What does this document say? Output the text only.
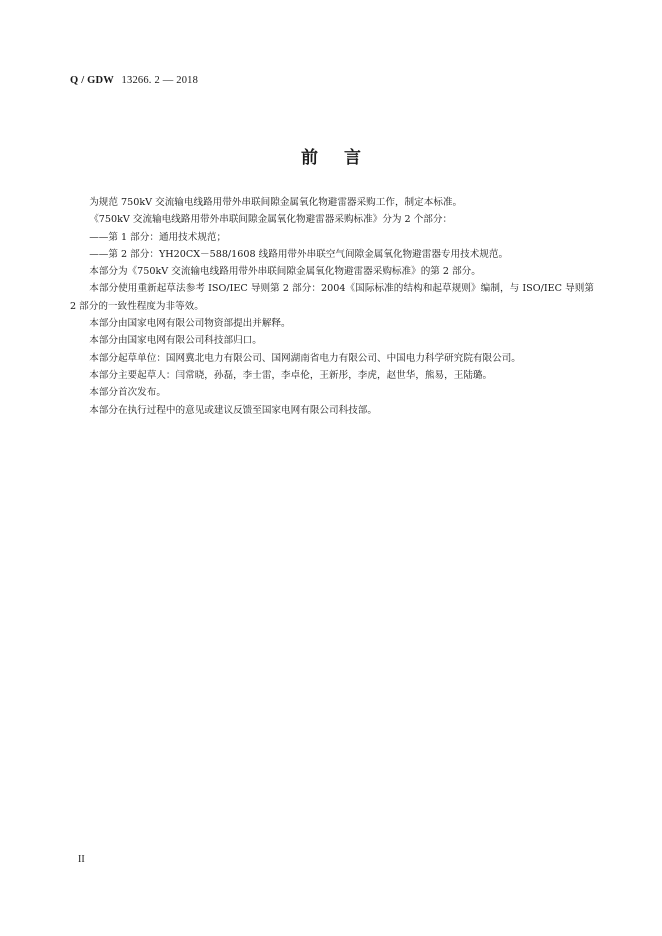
Q / GDW 13266. 2 — 2018
前言

为规范 750kV 交流输电线路用带外串联间隙金属氧化物避雷器采购工作，制定本标准。

《750kV 交流输电线路用带外串联间隙金属氧化物避雷器采购标准》分为 2 个部分：

——第 1 部分：通用技术规范；

——第 2 部分：YH20CX－588/1608 线路用带外串联空气间隙金属氧化物避雷器专用技术规范。

本部分为《750kV 交流输电线路用带外串联间隙金属氧化物避雷器采购标准》的第 2 部分。

本部分使用重新起草法参考 ISO/IEC 导则第 2 部分：2004《国际标准的结构和起草规则》编制，与 ISO/IEC 导则第 2 部分的一致性程度为非等效。

本部分由国家电网有限公司物资部提出并解释。

本部分由国家电网有限公司科技部归口。

本部分起草单位：国网冀北电力有限公司、国网湖南省电力有限公司、中国电力科学研究院有限公司。

本部分主要起草人：闫常晓，孙磊，李士雷，李卓伦，王新彤，李虎，赵世华，熊易，王陆璐。

本部分首次发布。

本部分在执行过程中的意见或建议反馈至国家电网有限公司科技部。

II
